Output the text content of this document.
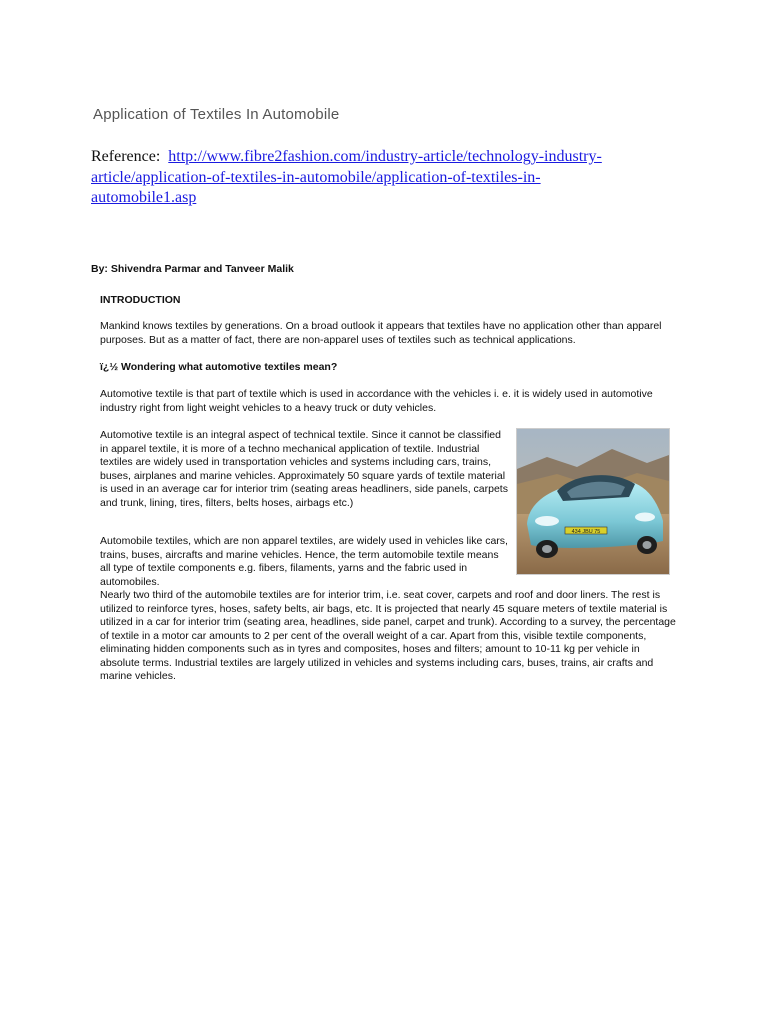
Application of Textiles In Automobile
Reference: http://www.fibre2fashion.com/industry-article/technology-industry-
article/application-of-textiles-in-automobile/application-of-textiles-in-
automobile1.asp
By: Shivendra Parmar and Tanveer Malik
INTRODUCTION
Mankind knows textiles by generations. On a broad outlook it appears that textiles have no application other than apparel purposes. But as a matter of fact, there are non-apparel uses of textiles such as technical applications.
ï¿½ Wondering what automotive textiles mean?
Automotive textile is that part of textile which is used in accordance with the vehicles i. e. it is widely used in automotive industry right from light weight vehicles to a heavy truck or duty vehicles.
Automotive textile is an integral aspect of technical textile. Since it cannot be classified in apparel textile, it is more of a techno mechanical application of textile. Industrial textiles are widely used in transportation vehicles and systems including cars, trains, buses, airplanes and marine vehicles. Approximately 50 square yards of textile material is used in an average car for interior trim (seating areas headliners, side panels, carpets and trunk, lining, tires, filters, belts hoses, airbags etc.)
Automobile textiles, which are non apparel textiles, are widely used in vehicles like cars, trains, buses, aircrafts and marine vehicles. Hence, the term automobile textile means all type of textile components e.g. fibers, filaments, yarns and the fabric used in automobiles.
Nearly two third of the automobile textiles are for interior trim, i.e. seat cover, carpets and roof and door liners. The rest is utilized to reinforce tyres, hoses, safety belts, air bags, etc. It is projected that nearly 45 square meters of textile material is utilized in a car for interior trim (seating area, headlines, side panel, carpet and trunk). According to a survey, the percentage of textile in a motor car amounts to 2 per cent of the overall weight of a car. Apart from this, visible textile components, eliminating hidden components such as in tyres and composites, hoses and filters; amount to 10-11 kg per vehicle in absolute terms. Industrial textiles are largely utilized in vehicles and systems including cars, buses, trains, air crafts and marine vehicles.
434 JBU 75
